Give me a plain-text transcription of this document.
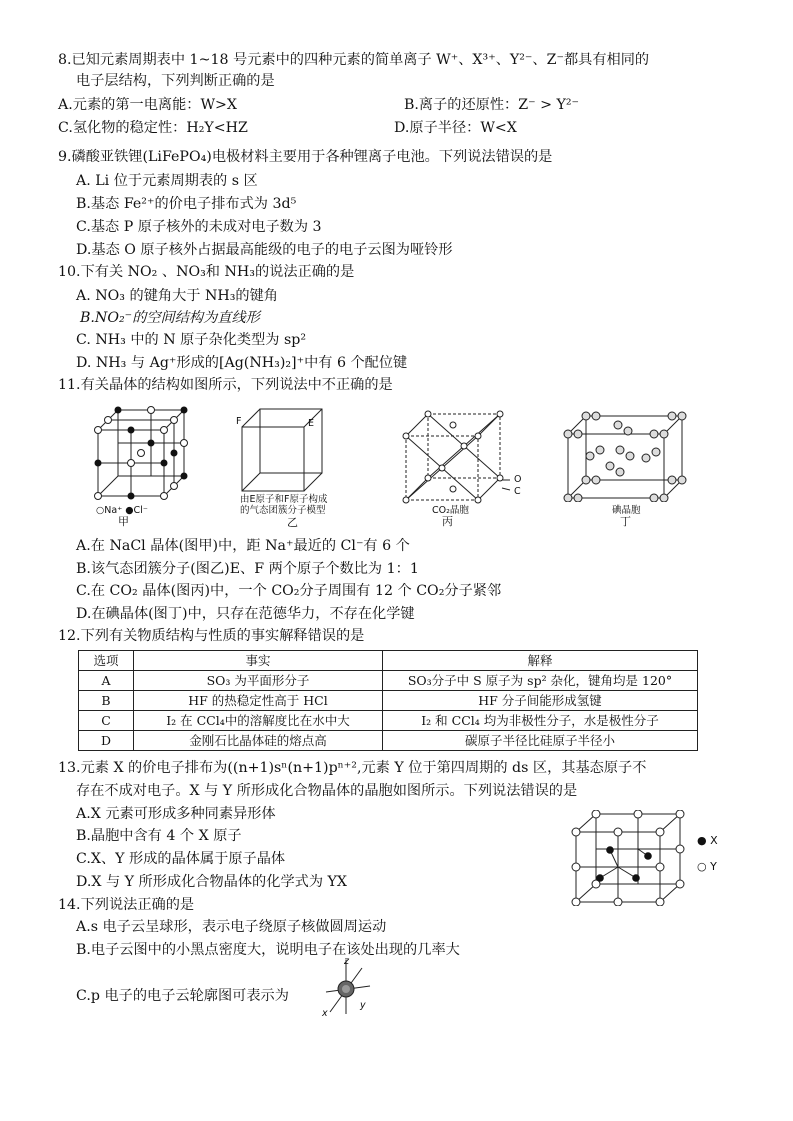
8.已知元素周期表中 1~18 号元素中的四种元素的简单离子 W⁺、X³⁺、Y²⁻、Z⁻都具有相同的
电子层结构，下列判断正确的是
A.元素的第一电离能：W>X	B.离子的还原性：Z⁻ > Y²⁻
C.氢化物的稳定性：H₂Y<HZ	D.原子半径：W<X
9.磷酸亚铁锂(LiFePO₄)电极材料主要用于各种锂离子电池。下列说法错误的是
A. Li 位于元素周期表的 s 区
B.基态 Fe²⁺的价电子排布式为 3d⁵
C.基态 P 原子核外的未成对电子数为 3
D.基态 O 原子核外占据最高能级的电子的电子云图为哑铃形
10.下有关 NO₂ 、NO₃和 NH₃的说法正确的是
A. NO₃ 的键角大于 NH₃的键角
B.NO₂⁻的空间结构为直线形
C. NH₃ 中的 N 原子杂化类型为 sp²
D. NH₃ 与 Ag⁺形成的[Ag(NH₃)₂]⁺中有 6 个配位键
11.有关晶体的结构如图所示，下列说法中不正确的是
○Na⁺ ●Cl⁻
甲
F	E
由E原子和F原子构成
的气态团簇分子模型
乙
O
C
CO₂晶胞
丙
碘晶胞
丁
A.在 NaCl 晶体(图甲)中，距 Na⁺最近的 Cl⁻有 6 个
B.该气态团簇分子(图乙)E、F 两个原子个数比为 1：1
C.在 CO₂ 晶体(图丙)中，一个 CO₂分子周围有 12 个 CO₂分子紧邻
D.在碘晶体(图丁)中，只存在范德华力，不存在化学键
12.下列有关物质结构与性质的事实解释错误的是
选项	事实	解释
A	SO₃ 为平面形分子	SO₃分子中 S 原子为 sp² 杂化，键角均是 120°
B	HF 的热稳定性高于 HCl	HF 分子间能形成氢键
C	I₂ 在 CCl₄中的溶解度比在水中大	I₂ 和 CCl₄ 均为非极性分子，水是极性分子
D	金刚石比晶体硅的熔点高	碳原子半径比硅原子半径小
13.元素 X 的价电子排布为((n+1)sⁿ(n+1)pⁿ⁺²,元素 Y 位于第四周期的 ds 区，其基态原子不
存在不成对电子。X 与 Y 所形成化合物晶体的晶胞如图所示。下列说法错误的是
A.X 元素可形成多种同素异形体
B.晶胞中含有 4 个 X 原子
C.X、Y 形成的晶体属于原子晶体
D.X 与 Y 所形成化合物晶体的化学式为 YX
● X
○ Y
14.下列说法正确的是
A.s 电子云呈球形，表示电子绕原子核做圆周运动
B.电子云图中的小黑点密度大，说明电子在该处出现的几率大
C.p 电子的电子云轮廓图可表示为
z
y
x
